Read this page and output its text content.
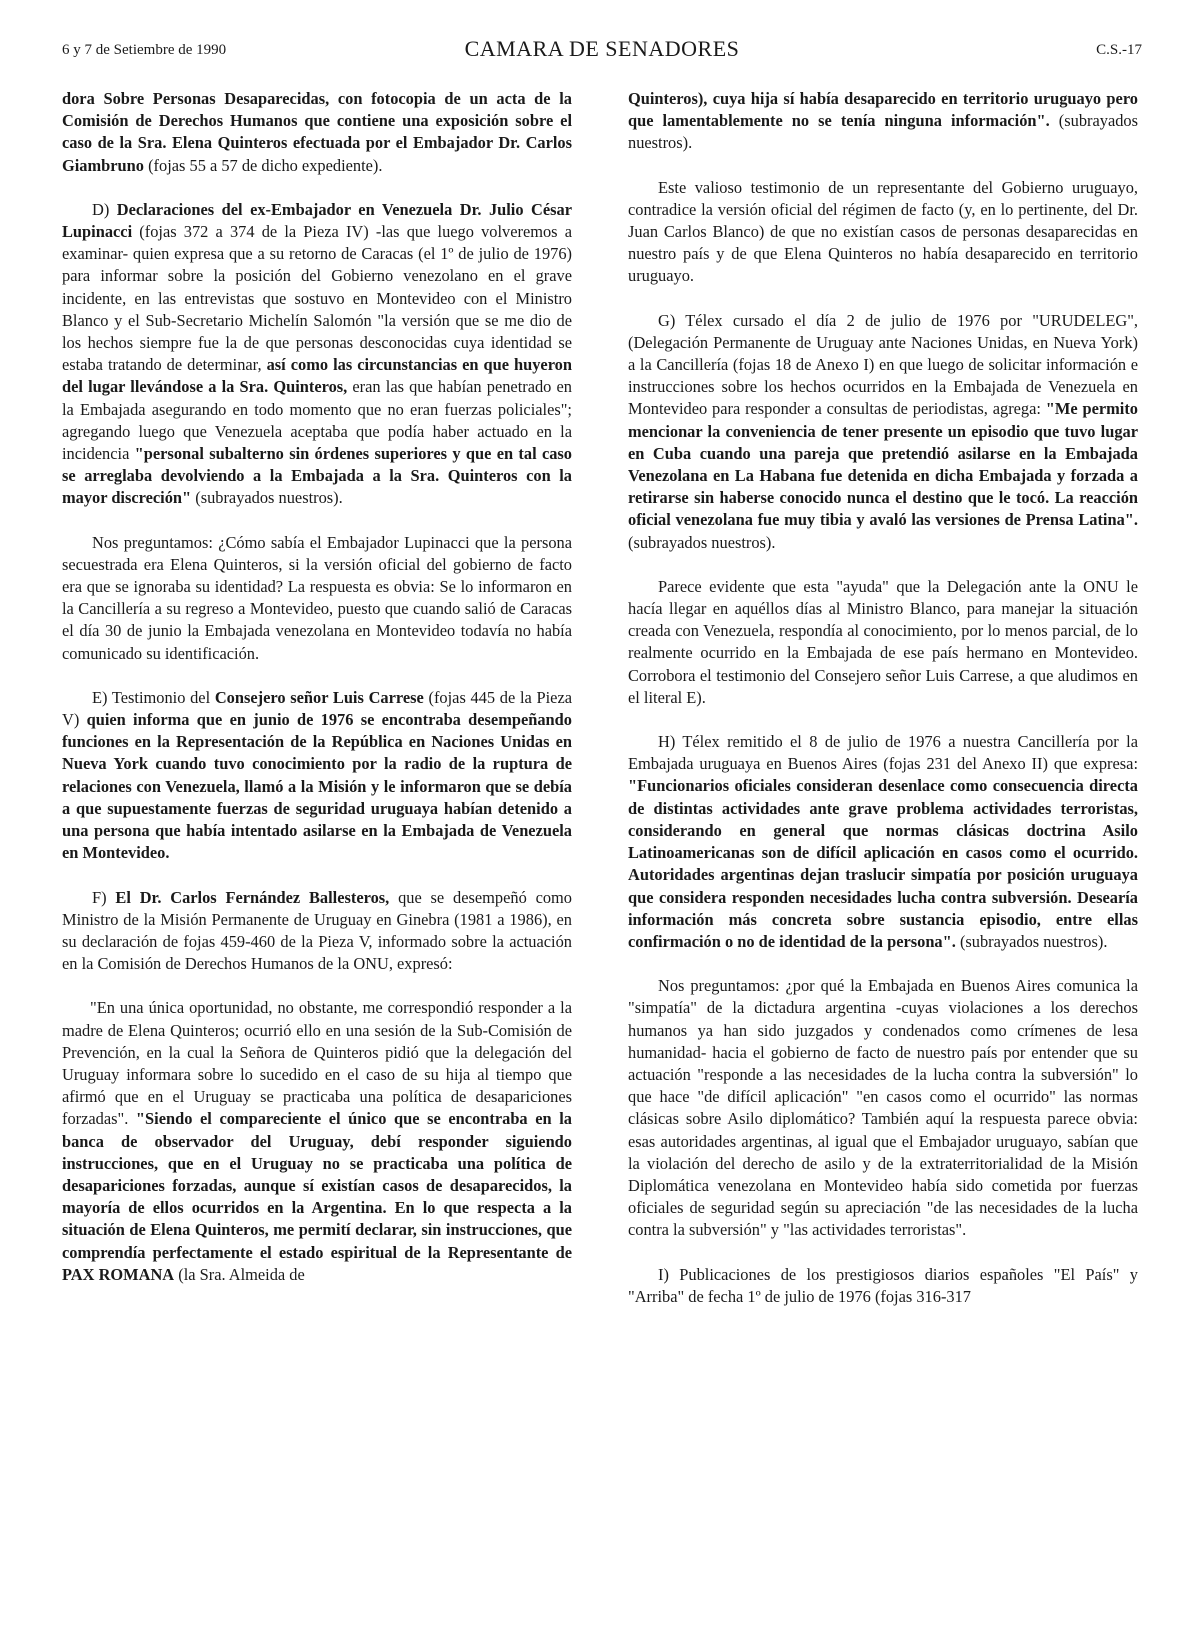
6 y 7 de Setiembre de 1990	CAMARA DE SENADORES	C.S.-17

dora Sobre Personas Desaparecidas, con fotocopia de un acta de la Comisión de Derechos Humanos que contiene una exposición sobre el caso de la Sra. Elena Quinteros efectuada por el Embajador Dr. Carlos Giambruno (fojas 55 a 57 de dicho expediente).

D) Declaraciones del ex-Embajador en Venezuela Dr. Julio César Lupinacci (fojas 372 a 374 de la Pieza IV) -las que luego volveremos a examinar- quien expresa que a su retorno de Caracas (el 1º de julio de 1976) para informar sobre la posición del Gobierno venezolano en el grave incidente, en las entrevistas que sostuvo en Montevideo con el Ministro Blanco y el Sub-Secretario Michelín Salomón "la versión que se me dio de los hechos siempre fue la de que personas desconocidas cuya identidad se estaba tratando de determinar, así como las circunstancias en que huyeron del lugar llevándose a la Sra. Quinteros, eran las que habían penetrado en la Embajada asegurando en todo momento que no eran fuerzas policiales"; agregando luego que Venezuela aceptaba que podía haber actuado en la incidencia "personal subalterno sin órdenes superiores y que en tal caso se arreglaba devolviendo a la Embajada a la Sra. Quinteros con la mayor discreción" (subrayados nuestros).

Nos preguntamos: ¿Cómo sabía el Embajador Lupinacci que la persona secuestrada era Elena Quinteros, si la versión oficial del gobierno de facto era que se ignoraba su identidad? La respuesta es obvia: Se lo informaron en la Cancillería a su regreso a Montevideo, puesto que cuando salió de Caracas el día 30 de junio la Embajada venezolana en Montevideo todavía no había comunicado su identificación.

E) Testimonio del Consejero señor Luis Carrese (fojas 445 de la Pieza V) quien informa que en junio de 1976 se encontraba desempeñando funciones en la Representación de la República en Naciones Unidas en Nueva York cuando tuvo conocimiento por la radio de la ruptura de relaciones con Venezuela, llamó a la Misión y le informaron que se debía a que supuestamente fuerzas de seguridad uruguaya habían detenido a una persona que había intentado asilarse en la Embajada de Venezuela en Montevideo.

F) El Dr. Carlos Fernández Ballesteros, que se desempeñó como Ministro de la Misión Permanente de Uruguay en Ginebra (1981 a 1986), en su declaración de fojas 459-460 de la Pieza V, informado sobre la actuación en la Comisión de Derechos Humanos de la ONU, expresó:

"En una única oportunidad, no obstante, me correspondió responder a la madre de Elena Quinteros; ocurrió ello en una sesión de la Sub-Comisión de Prevención, en la cual la Señora de Quinteros pidió que la delegación del Uruguay informara sobre lo sucedido en el caso de su hija al tiempo que afirmó que en el Uruguay se practicaba una política de desapariciones forzadas". "Siendo el compareciente el único que se encontraba en la banca de observador del Uruguay, debí responder siguiendo instrucciones, que en el Uruguay no se practicaba una política de desapariciones forzadas, aunque sí existían casos de desaparecidos, la mayoría de ellos ocurridos en la Argentina. En lo que respecta a la situación de Elena Quinteros, me permití declarar, sin instrucciones, que comprendía perfectamente el estado espiritual de la Representante de PAX ROMANA (la Sra. Almeida de

Quinteros), cuya hija sí había desaparecido en territorio uruguayo pero que lamentablemente no se tenía ninguna información". (subrayados nuestros).

Este valioso testimonio de un representante del Gobierno uruguayo, contradice la versión oficial del régimen de facto (y, en lo pertinente, del Dr. Juan Carlos Blanco) de que no existían casos de personas desaparecidas en nuestro país y de que Elena Quinteros no había desaparecido en territorio uruguayo.

G) Télex cursado el día 2 de julio de 1976 por "URUDELEG", (Delegación Permanente de Uruguay ante Naciones Unidas, en Nueva York) a la Cancillería (fojas 18 de Anexo I) en que luego de solicitar información e instrucciones sobre los hechos ocurridos en la Embajada de Venezuela en Montevideo para responder a consultas de periodistas, agrega: "Me permito mencionar la conveniencia de tener presente un episodio que tuvo lugar en Cuba cuando una pareja que pretendió asilarse en la Embajada Venezolana en La Habana fue detenida en dicha Embajada y forzada a retirarse sin haberse conocido nunca el destino que le tocó. La reacción oficial venezolana fue muy tibia y avaló las versiones de Prensa Latina". (subrayados nuestros).

Parece evidente que esta "ayuda" que la Delegación ante la ONU le hacía llegar en aquéllos días al Ministro Blanco, para manejar la situación creada con Venezuela, respondía al conocimiento, por lo menos parcial, de lo realmente ocurrido en la Embajada de ese país hermano en Montevideo. Corrobora el testimonio del Consejero señor Luis Carrese, a que aludimos en el literal E).

H) Télex remitido el 8 de julio de 1976 a nuestra Cancillería por la Embajada uruguaya en Buenos Aires (fojas 231 del Anexo II) que expresa: "Funcionarios oficiales consideran desenlace como consecuencia directa de distintas actividades ante grave problema actividades terroristas, considerando en general que normas clásicas doctrina Asilo Latinoamericanas son de difícil aplicación en casos como el ocurrido. Autoridades argentinas dejan traslucir simpatía por posición uruguaya que considera responden necesidades lucha contra subversión. Desearía información más concreta sobre sustancia episodio, entre ellas confirmación o no de identidad de la persona". (subrayados nuestros).

Nos preguntamos: ¿por qué la Embajada en Buenos Aires comunica la "simpatía" de la dictadura argentina -cuyas violaciones a los derechos humanos ya han sido juzgados y condenados como crímenes de lesa humanidad- hacia el gobierno de facto de nuestro país por entender que su actuación "responde a las necesidades de la lucha contra la subversión" lo que hace "de difícil aplicación" "en casos como el ocurrido" las normas clásicas sobre Asilo diplomático? También aquí la respuesta parece obvia: esas autoridades argentinas, al igual que el Embajador uruguayo, sabían que la violación del derecho de asilo y de la extraterritorialidad de la Misión Diplomática venezolana en Montevideo había sido cometida por fuerzas oficiales de seguridad según su apreciación "de las necesidades de la lucha contra la subversión" y "las actividades terroristas".

I) Publicaciones de los prestigiosos diarios españoles "El País" y "Arriba" de fecha 1º de julio de 1976 (fojas 316-317
